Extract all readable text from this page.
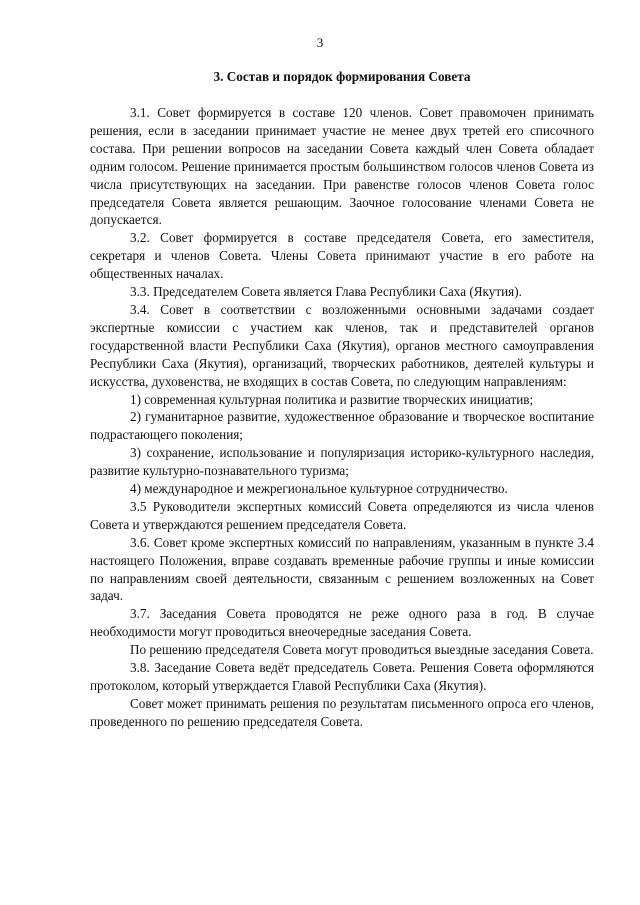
3
3. Состав и порядок формирования Совета

3.1. Совет формируется в составе 120 членов. Совет правомочен принимать решения, если в заседании принимает участие не менее двух третей его списочного состава. При решении вопросов на заседании Совета каждый член Совета обладает одним голосом. Решение принимается простым большинством голосов членов Совета из числа присутствующих на заседании. При равенстве голосов членов Совета голос председателя Совета является решающим. Заочное голосование членами Совета не допускается.

3.2. Совет формируется в составе председателя Совета, его заместителя, секретаря и членов Совета. Члены Совета принимают участие в его работе на общественных началах.

3.3. Председателем Совета является Глава Республики Саха (Якутия).

3.4. Совет в соответствии с возложенными основными задачами создает экспертные комиссии с участием как членов, так и представителей органов государственной власти Республики Саха (Якутия), органов местного самоуправления Республики Саха (Якутия), организаций, творческих работников, деятелей культуры и искусства, духовенства, не входящих в состав Совета, по следующим направлениям:

1) современная культурная политика и развитие творческих инициатив;

2) гуманитарное развитие, художественное образование и творческое воспитание подрастающего поколения;

3) сохранение, использование и популяризация историко-культурного наследия, развитие культурно-познавательного туризма;

4) международное и межрегиональное культурное сотрудничество.

3.5 Руководители экспертных комиссий Совета определяются из числа членов Совета и утверждаются решением председателя Совета.

3.6. Совет кроме экспертных комиссий по направлениям, указанным в пункте 3.4 настоящего Положения, вправе создавать временные рабочие группы и иные комиссии по направлениям своей деятельности, связанным с решением возложенных на Совет задач.

3.7. Заседания Совета проводятся не реже одного раза в год. В случае необходимости могут проводиться внеочередные заседания Совета.

По решению председателя Совета могут проводиться выездные заседания Совета.

3.8. Заседание Совета ведёт председатель Совета. Решения Совета оформляются протоколом, который утверждается Главой Республики Саха (Якутия).

Совет может принимать решения по результатам письменного опроса его членов, проведенного по решению председателя Совета.
